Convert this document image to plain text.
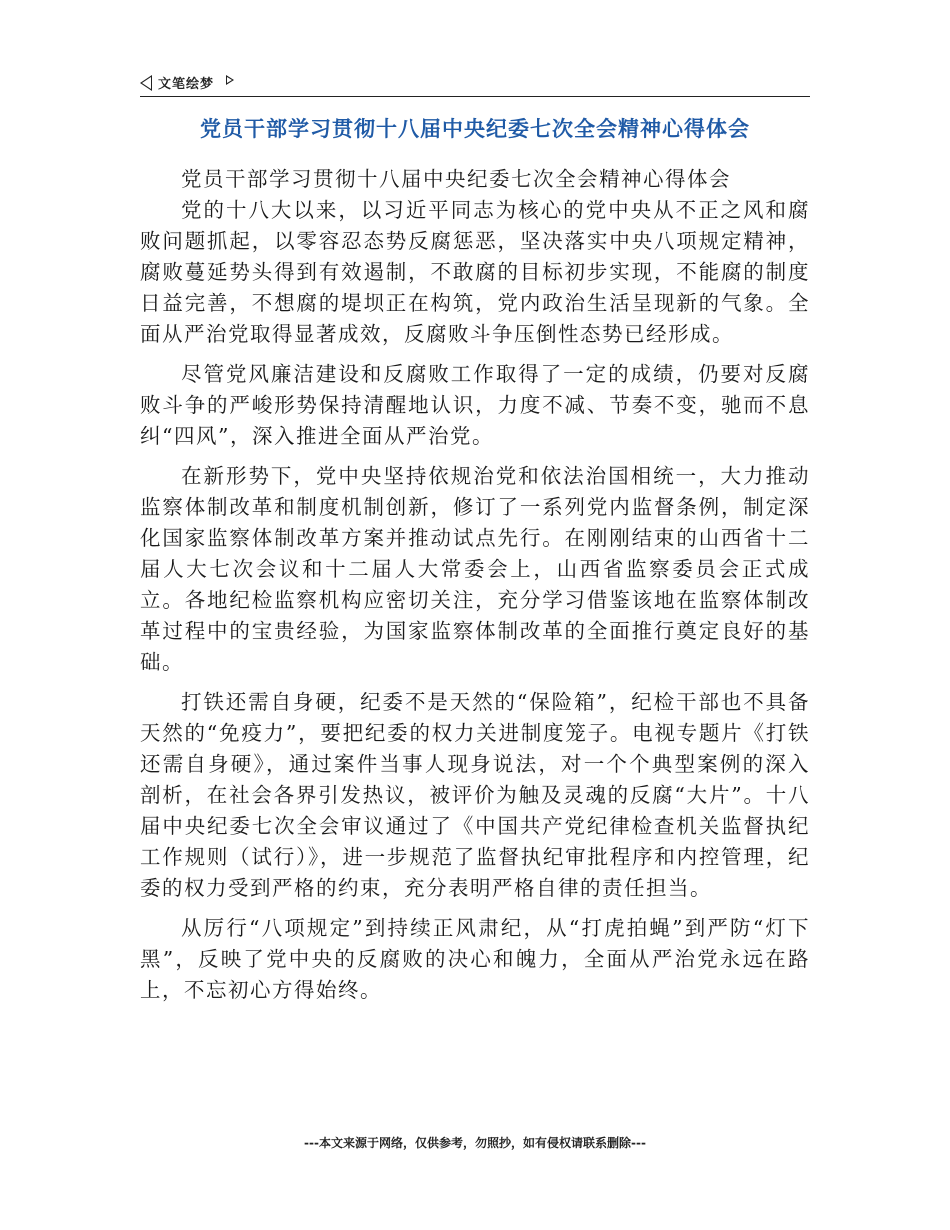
文笔绘梦
党员干部学习贯彻十八届中央纪委七次全会精神心得体会

党员干部学习贯彻十八届中央纪委七次全会精神心得体会

党的十八大以来，以习近平同志为核心的党中央从不正之风和腐败问题抓起，以零容忍态势反腐惩恶，坚决落实中央八项规定精神，腐败蔓延势头得到有效遏制，不敢腐的目标初步实现，不能腐的制度日益完善，不想腐的堤坝正在构筑，党内政治生活呈现新的气象。全面从严治党取得显著成效，反腐败斗争压倒性态势已经形成。

尽管党风廉洁建设和反腐败工作取得了一定的成绩，仍要对反腐败斗争的严峻形势保持清醒地认识，力度不减、节奏不变，驰而不息纠“四风”，深入推进全面从严治党。

在新形势下，党中央坚持依规治党和依法治国相统一，大力推动监察体制改革和制度机制创新，修订了一系列党内监督条例，制定深化国家监察体制改革方案并推动试点先行。在刚刚结束的山西省十二届人大七次会议和十二届人大常委会上，山西省监察委员会正式成立。各地纪检监察机构应密切关注，充分学习借鉴该地在监察体制改革过程中的宝贵经验，为国家监察体制改革的全面推行奠定良好的基础。

打铁还需自身硬，纪委不是天然的“保险箱”，纪检干部也不具备天然的“免疫力”，要把纪委的权力关进制度笼子。电视专题片《打铁还需自身硬》，通过案件当事人现身说法，对一个个典型案例的深入剖析，在社会各界引发热议，被评价为触及灵魂的反腐“大片”。十八届中央纪委七次全会审议通过了《中国共产党纪律检查机关监督执纪工作规则（试行）》，进一步规范了监督执纪审批程序和内控管理，纪委的权力受到严格的约束，充分表明严格自律的责任担当。

从厉行“八项规定”到持续正风肃纪，从“打虎拍蝇”到严防“灯下黑”，反映了党中央的反腐败的决心和魄力，全面从严治党永远在路上，不忘初心方得始终。

---本文来源于网络，仅供参考，勿照抄，如有侵权请联系删除---
